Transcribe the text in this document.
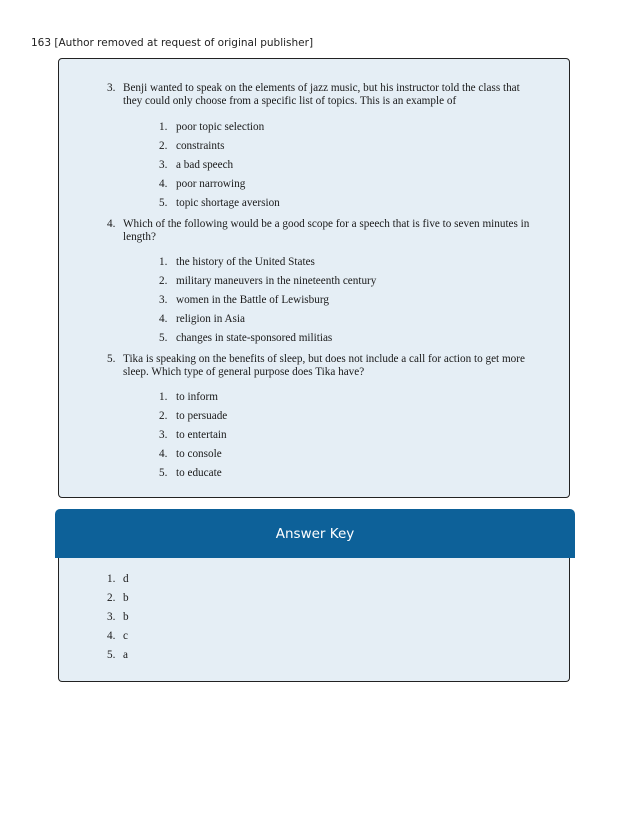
163 [Author removed at request of original publisher]
3. Benji wanted to speak on the elements of jazz music, but his instructor told the class that they could only choose from a specific list of topics. This is an example of
1. poor topic selection
2. constraints
3. a bad speech
4. poor narrowing
5. topic shortage aversion
4. Which of the following would be a good scope for a speech that is five to seven minutes in length?
1. the history of the United States
2. military maneuvers in the nineteenth century
3. women in the Battle of Lewisburg
4. religion in Asia
5. changes in state-sponsored militias
5. Tika is speaking on the benefits of sleep, but does not include a call for action to get more sleep. Which type of general purpose does Tika have?
1. to inform
2. to persuade
3. to entertain
4. to console
5. to educate
Answer Key
1. d
2. b
3. b
4. c
5. a
